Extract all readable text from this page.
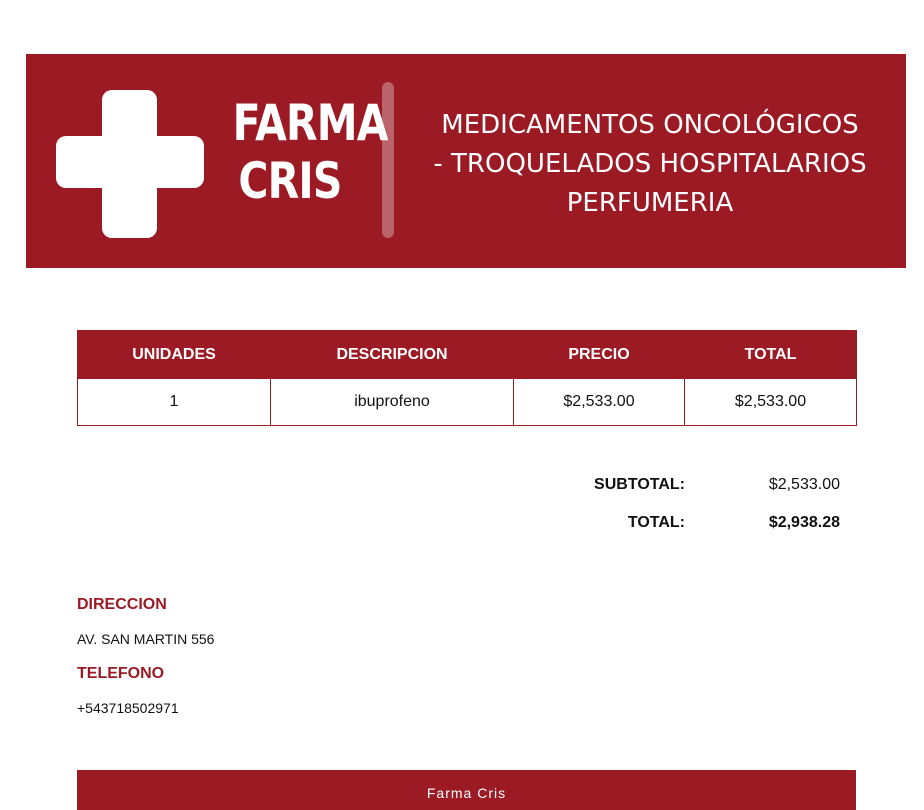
FARMA
CRIS
MEDICAMENTOS ONCOLÓGICOS
- TROQUELADOS HOSPITALARIOS
PERFUMERIA
UNIDADES	DESCRIPCION	PRECIO	TOTAL
1	ibuprofeno	$2,533.00	$2,533.00
SUBTOTAL:	$2,533.00
TOTAL:	$2,938.28
DIRECCION
AV. SAN MARTIN 556
TELEFONO
+543718502971
Farma Cris
